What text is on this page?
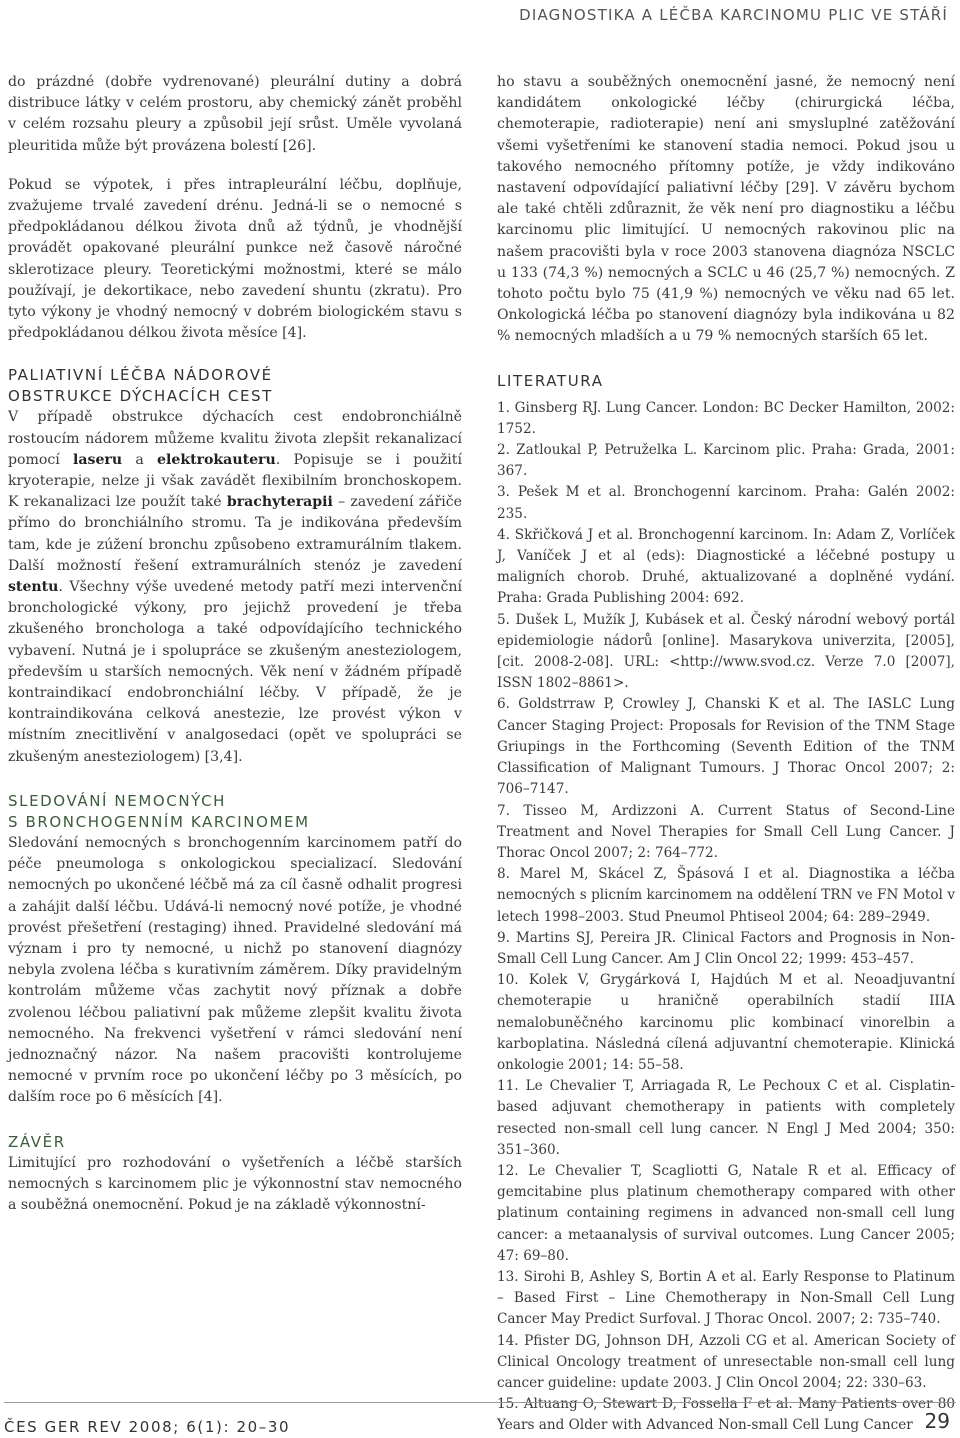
DIAGNOSTIKA A LÉČBA KARCINOMU PLIC VE STÁŘÍ

do prázdné (dobře vydrenované) pleurální dutiny a dobrá distribuce látky v celém prostoru, aby chemický zánět proběhl v celém rozsahu pleury a způsobil její srůst. Uměle vyvolaná pleuritida může být provázena bolestí [26].

Pokud se výpotek, i přes intrapleurální léčbu, doplňuje, zvažujeme trvalé zavedení drénu. Jedná-li se o nemocné s předpokládanou délkou života dnů až týdnů, je vhodnější provádět opakované pleurální punkce než časově náročné sklerotizace pleury. Teoretickými možnostmi, které se málo používají, je dekortikace, nebo zavedení shuntu (zkratu). Pro tyto výkony je vhodný nemocný v dobrém biologickém stavu s předpokládanou délkou života měsíce [4].

PALIATIVNÍ LÉČBA NÁDOROVÉ
OBSTRUKCE DÝCHACÍCH CEST

V případě obstrukce dýchacích cest endobronchiálně rostoucím nádorem můžeme kvalitu života zlepšit rekanalizací pomocí laseru a elektrokauteru. Popisuje se i použití kryoterapie, nelze ji však zavádět flexibilním bronchoskopem. K rekanalizaci lze použít také brachyterapii – zavedení zářiče přímo do bronchiálního stromu. Ta je indikována především tam, kde je zúžení bronchu způsobeno extramurálním tlakem. Další možností řešení extramurálních stenóz je zavedení stentu. Všechny výše uvedené metody patří mezi intervenční bronchologické výkony, pro jejichž provedení je třeba zkušeného bronchologa a také odpovídajícího technického vybavení. Nutná je i spolupráce se zkušeným anesteziologem, především u starších nemocných. Věk není v žádném případě kontraindikací endobronchiální léčby. V případě, že je kontraindikována celková anestezie, lze provést výkon v místním znecitlivění v analgosedaci (opět ve spolupráci se zkušeným anesteziologem) [3,4].

SLEDOVÁNÍ NEMOCNÝCH
S BRONCHOGENNÍM KARCINOMEM

Sledování nemocných s bronchogenním karcinomem patří do péče pneumologa s onkologickou specializací. Sledování nemocných po ukončené léčbě má za cíl časně odhalit progresi a zahájit další léčbu. Udává-li nemocný nové potíže, je vhodné provést přešetření (restaging) ihned. Pravidelné sledování má význam i pro ty nemocné, u nichž po stanovení diagnózy nebyla zvolena léčba s kurativním záměrem. Díky pravidelným kontrolám můžeme včas zachytit nový příznak a dobře zvolenou léčbou paliativní pak můžeme zlepšit kvalitu života nemocného. Na frekvenci vyšetření v rámci sledování není jednoznačný názor. Na našem pracovišti kontrolujeme nemocné v prvním roce po ukončení léčby po 3 měsících, po dalším roce po 6 měsících [4].

ZÁVĚR

Limitující pro rozhodování o vyšetřeních a léčbě starších nemocných s karcinomem plic je výkonnostní stav nemocného a souběžná onemocnění. Pokud je na základě výkonnostní-

ho stavu a souběžných onemocnění jasné, že nemocný není kandidátem onkologické léčby (chirurgická léčba, chemoterapie, radioterapie) není ani smysluplné zatěžování všemi vyšetřeními ke stanovení stadia nemoci. Pokud jsou u takového nemocného přítomny potíže, je vždy indikováno nastavení odpovídající paliativní léčby [29]. V závěru bychom ale také chtěli zdůraznit, že věk není pro diagnostiku a léčbu karcinomu plic limitující. U nemocných rakovinou plic na našem pracovišti byla v roce 2003 stanovena diagnóza NSCLC u 133 (74,3 %) nemocných a SCLC u 46 (25,7 %) nemocných. Z tohoto počtu bylo 75 (41,9 %) nemocných ve věku nad 65 let. Onkologická léčba po stanovení diagnózy byla indikována u 82 % nemocných mladších a u 79 % nemocných starších 65 let.

LITERATURA
1. Ginsberg RJ. Lung Cancer. London: BC Decker Hamilton, 2002: 1752.
2. Zatloukal P, Petruželka L. Karcinom plic. Praha: Grada, 2001: 367.
3. Pešek M et al. Bronchogenní karcinom. Praha: Galén 2002: 235.
4. Skřičková J et al. Bronchogenní karcinom. In: Adam Z, Vorlíček J, Vaníček J et al (eds): Diagnostické a léčebné postupy u maligních chorob. Druhé, aktualizované a doplněné vydání. Praha: Grada Publishing 2004: 692.
5. Dušek L, Mužík J, Kubásek et al. Český národní webový portál epidemiologie nádorů [online]. Masarykova univerzita, [2005], [cit. 2008-2-08]. URL: <http://www.svod.cz. Verze 7.0 [2007], ISSN 1802–8861>.
6. Goldstrraw P, Crowley J, Chanski K et al. The IASLC Lung Cancer Staging Project: Proposals for Revision of the TNM Stage Griupings in the Forthcoming (Seventh Edition of the TNM Classification of Malignant Tumours. J Thorac Oncol 2007; 2: 706–7147.
7. Tisseo M, Ardizzoni A. Current Status of Second-Line Treatment and Novel Therapies for Small Cell Lung Cancer. J Thorac Oncol 2007; 2: 764–772.
8. Marel M, Skácel Z, Špásová I et al. Diagnostika a léčba nemocných s plicním karcinomem na oddělení TRN ve FN Motol v letech 1998–2003. Stud Pneumol Phtiseol 2004; 64: 289–2949.
9. Martins SJ, Pereira JR. Clinical Factors and Prognosis in Non-Small Cell Lung Cancer. Am J Clin Oncol 22; 1999: 453–457.
10. Kolek V, Grygárková I, Hajdúch M et al. Neoadjuvantní chemoterapie u hraničně operabilních stadií IIIA nemalobuněčného karcinomu plic kombinací vinorelbin a karboplatina. Následná cílená adjuvantní chemoterapie. Klinická onkologie 2001; 14: 55–58.
11. Le Chevalier T, Arriagada R, Le Pechoux C et al. Cisplatin-based adjuvant chemotherapy in patients with completely resected non-small cell lung cancer. N Engl J Med 2004; 350: 351–360.
12. Le Chevalier T, Scagliotti G, Natale R et al. Efficacy of gemcitabine plus platinum chemotherapy compared with other platinum containing regimens in advanced non-small cell lung cancer: a metaanalysis of survival outcomes. Lung Cancer 2005; 47: 69–80.
13. Sirohi B, Ashley S, Bortin A et al. Early Response to Platinum – Based First – Line Chemotherapy in Non-Small Cell Lung Cancer May Predict Surfoval. J Thorac Oncol. 2007; 2: 735–740.
14. Pfister DG, Johnson DH, Azzoli CG et al. American Society of Clinical Oncology treatment of unresectable non-small cell lung cancer guideline: update 2003. J Clin Oncol 2004; 22: 330–63.
15. Altuang O, Stewart D, Fossella F et al. Many Patients over 80 Years and Older with Advanced Non-small Cell Lung Cancer
ČES GER REV 2008; 6(1): 20–30	29
